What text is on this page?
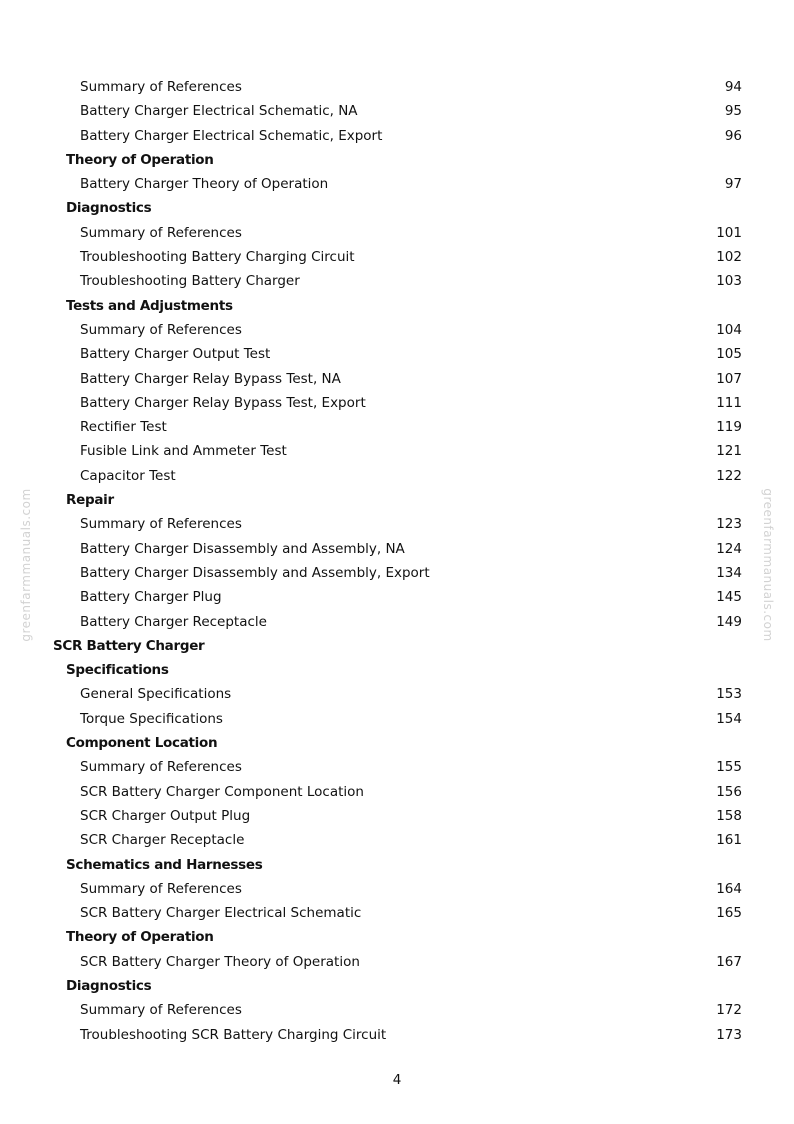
Summary of References	94
Battery Charger Electrical Schematic, NA	95
Battery Charger Electrical Schematic, Export	96
Theory of Operation
Battery Charger Theory of Operation	97
Diagnostics
Summary of References	101
Troubleshooting Battery Charging Circuit	102
Troubleshooting Battery Charger	103
Tests and Adjustments
Summary of References	104
Battery Charger Output Test	105
Battery Charger Relay Bypass Test, NA	107
Battery Charger Relay Bypass Test, Export	111
Rectifier Test	119
Fusible Link and Ammeter Test	121
Capacitor Test	122
Repair
Summary of References	123
Battery Charger Disassembly and Assembly, NA	124
Battery Charger Disassembly and Assembly, Export	134
Battery Charger Plug	145
Battery Charger Receptacle	149
SCR Battery Charger
Specifications
General Specifications	153
Torque Specifications	154
Component Location
Summary of References	155
SCR Battery Charger Component Location	156
SCR Charger Output Plug	158
SCR Charger Receptacle	161
Schematics and Harnesses
Summary of References	164
SCR Battery Charger Electrical Schematic	165
Theory of Operation
SCR Battery Charger Theory of Operation	167
Diagnostics
Summary of References	172
Troubleshooting SCR Battery Charging Circuit	173
4
greenfarmmanuals.com	greenfarmmanuals.com
